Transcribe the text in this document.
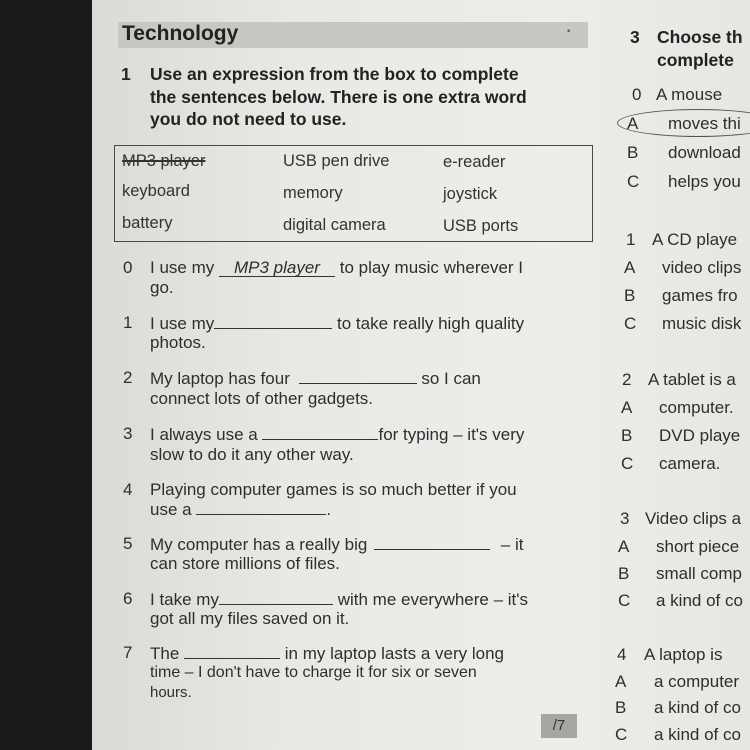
Technology	▪
1 Use an expression from the box to complete
the sentences below. There is one extra word
you do not need to use.
MP3 player	USB pen drive	e-reader
keyboard	memory	joystick
battery	digital camera	USB ports
0 I use my MP3 player to play music wherever I
go.
1 I use my	to take really high quality
photos.
2 My laptop has four	so I can
connect lots of other gadgets.
3 I always use a	for typing – it's very
slow to do it any other way.
4 Playing computer games is so much better if you
use a	.
5 My computer has a really big	– it
can store millions of files.
6 I take my	with me everywhere – it's
got all my files saved on it.
7 The	in my laptop lasts a very long
time – I don't have to charge it for six or seven
hours.
/7
3 Choose th
complete
0 A mouse
A moves thi
B download
C helps you
1 A CD playe
A video clips
B games fro
C music disk
2 A tablet is a
A computer.
B DVD playe
C camera.
3 Video clips a
A short piece
B small comp
C a kind of co
4 A laptop is
A a computer
B a kind of co
C a kind of co
